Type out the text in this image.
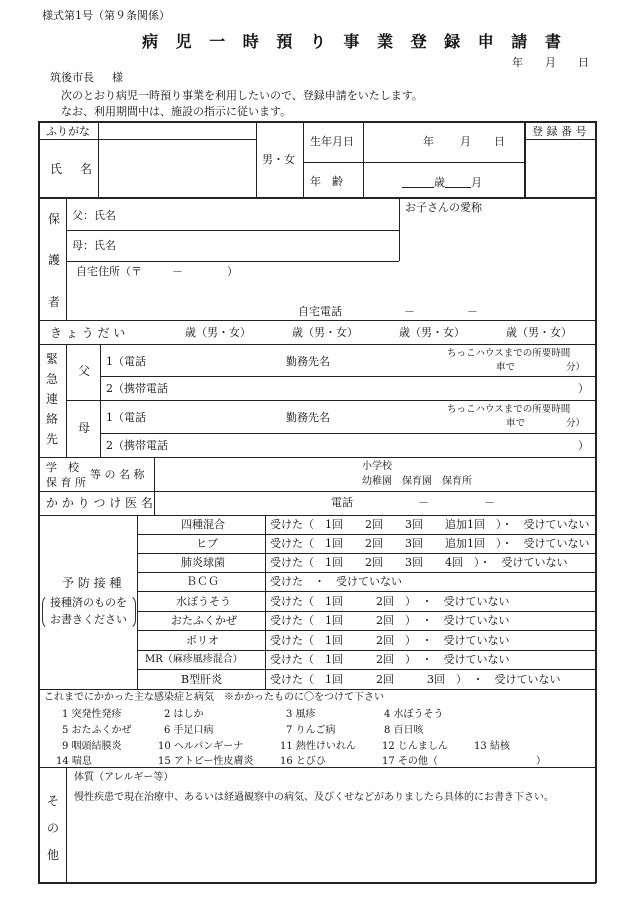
様式第1号（第９条関係）
病 児 一 時 預 り 事 業 登 録 申 請 書
年 月 日
筑後市長 様
次のとおり病児一時預り事業を利用したいので、登録申請をいたします。
なお、利用期間中は、施設の指示に従います。
ふりがな
氏 名
男・女
生年月日	年 月 日
年　齢	歳 月
登 録 番 号
保
護
者
父：氏名
母：氏名
お子さんの愛称
自宅住所（〒	－	）
自宅電話	－	－
き ょ う だ い	歳（男・女）	歳（男・女）	歳（男・女）	歳（男・女）
緊
急
連
絡
先
父
1（電話	勤務先名
ちっこハウスまでの所要時間
車で	分）
2（携帯電話	）
母
1（電話	勤務先名
ちっこハウスまでの所要時間
車で	分）
2（携帯電話	）
学　校
保 育 所
等 の 名 称
小学校
幼稚園　保育園　保育所
か か り つ け 医 名	電話	－	－
予 防 接 種
接種済のものを
お書きください
四種混合	受けた（　1回　　2回　　3回　　追加1回　）・　受けていない
ヒブ	受けた（　1回　　2回　　3回　　追加1回　）・　受けていない
肺炎球菌	受けた（　1回　　2回　　3回　　4回　）・　受けていない
ＢＣＧ	受けた　・　受けていない
水ぼうそう	受けた（　1回　　　2回　）　・　受けていない
おたふくかぜ	受けた（　1回　　　2回　）　・　受けていない
ポリオ	受けた（　1回　　　2回　）　・　受けていない
MR（麻疹風疹混合） 受けた（　1回　　　2回　）　・　受けていない
B型肝炎	受けた（　1回　　　2回　　　3回　）　・　受けていない
これまでにかかった主な感染症と病気　※かかったものに〇をつけて下さい
1 突発性発疹	2 はしか	3 風疹	4 水ぼうそう
5 おたふくかぜ	6 手足口病	7 りんご病	8 百日咳
9 咽頭結膜炎	10 ヘルパンギーナ	11 熱性けいれん	12 じんましん	13 結核
14 喘息	15 アトピー性皮膚炎	16 とびひ	17 その他（	）
そ
の
他
体質（アレルギー等）
慢性疾患で現在治療中、あるいは経過観察中の病気、及びくせなどがありましたら具体的にお書き下さい。
